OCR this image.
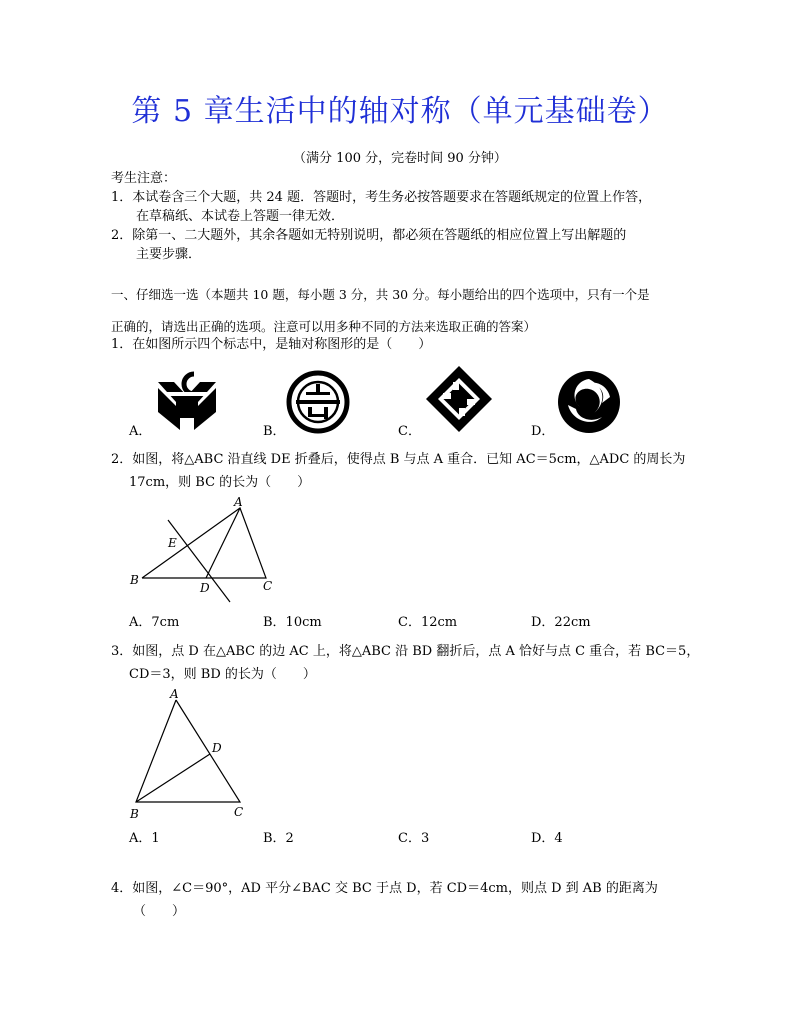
第 5 章生活中的轴对称（单元基础卷）
（满分 100 分，完卷时间 90 分钟）
考生注意：
1．本试卷含三个大题，共 24 题．答题时，考生务必按答题要求在答题纸规定的位置上作答，
在草稿纸、本试卷上答题一律无效．
2．除第一、二大题外，其余各题如无特别说明，都必须在答题纸的相应位置上写出解题的
主要步骤．
一、仔细选一选（本题共 10 题，每小题 3 分，共 30 分。每小题给出的四个选项中，只有一个是
正确的，请选出正确的选项。注意可以用多种不同的方法来选取正确的答案）
1．在如图所示四个标志中，是轴对称图形的是（　　）
A．	B．	C．	D．
2．如图，将△ABC 沿直线 DE 折叠后，使得点 B 与点 A 重合．已知 AC＝5cm，△ADC 的周长为
17cm，则 BC 的长为（　　）
A
B	C
D
E
A．7cm	B．10cm	C．12cm	D．22cm
3．如图，点 D 在△ABC 的边 AC 上，将△ABC 沿 BD 翻折后，点 A 恰好与点 C 重合，若 BC＝5，
CD＝3，则 BD 的长为（　　）
A
B	C
D
A．1	B．2	C．3	D．4
4．如图，∠C＝90°，AD 平分∠BAC 交 BC 于点 D，若 CD＝4cm，则点 D 到 AB 的距离为
（　　）
